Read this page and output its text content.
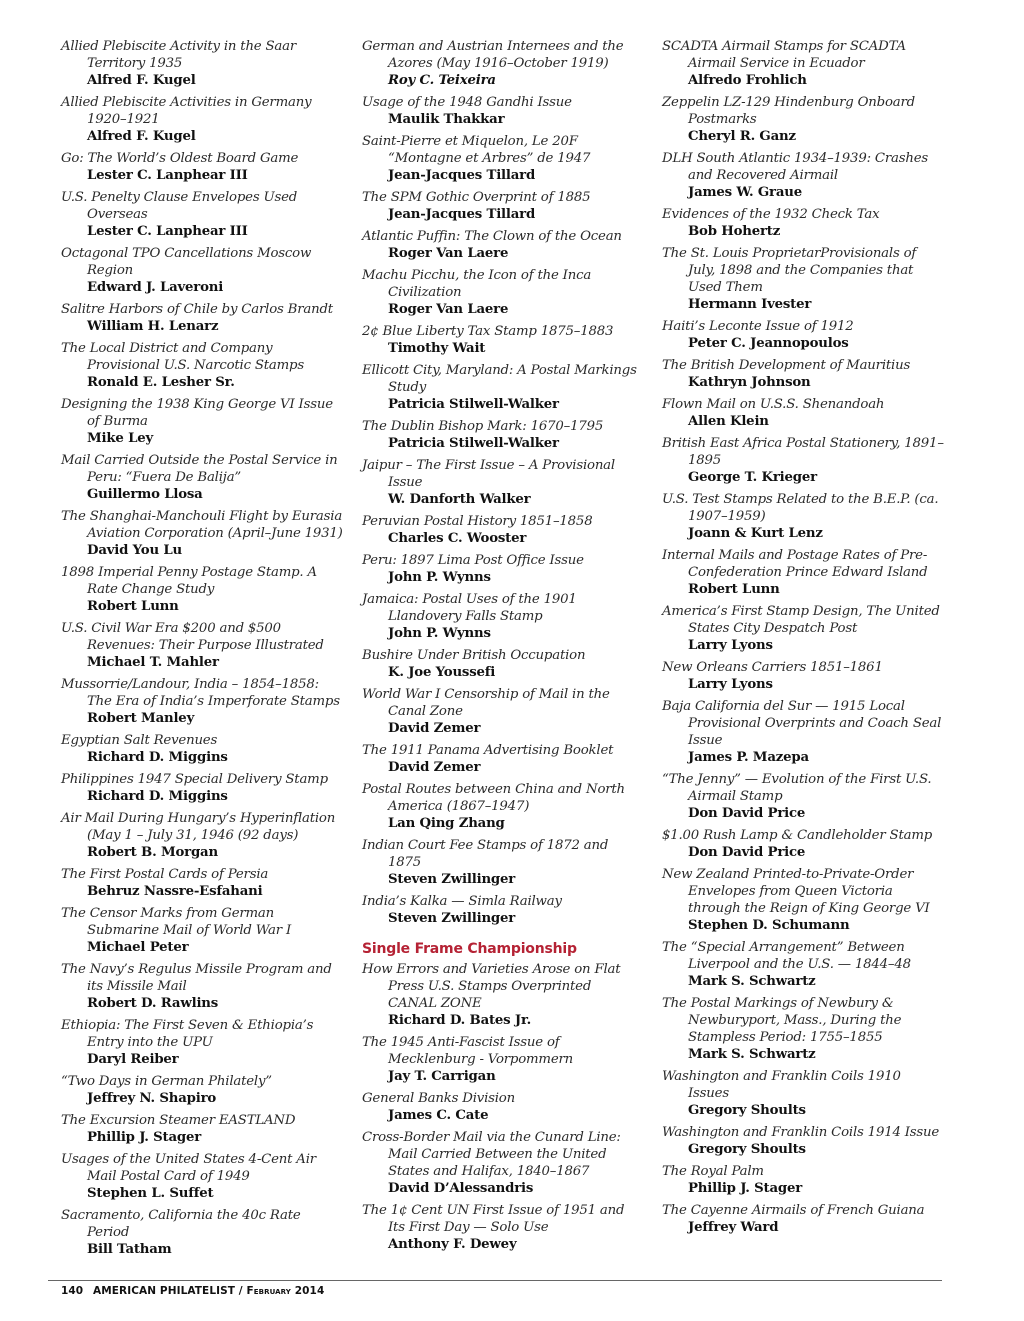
Allied Plebiscite Activity in the Saar Territory 1935
Alfred F. Kugel
Allied Plebiscite Activities in Germany 1920–1921
Alfred F. Kugel
Go: The World’s Oldest Board Game
Lester C. Lanphear III
U.S. Penelty Clause Envelopes Used Overseas
Lester C. Lanphear III
Octagonal TPO Cancellations Moscow Region
Edward J. Laveroni
Salitre Harbors of Chile by Carlos Brandt
William H. Lenarz
The Local District and Company Provisional U.S. Narcotic Stamps
Ronald E. Lesher Sr.
Designing the 1938 King George VI Issue of Burma
Mike Ley
Mail Carried Outside the Postal Service in Peru: “Fuera De Balija”
Guillermo Llosa
The Shanghai-Manchouli Flight by Eurasia Aviation Corporation (April–June 1931)
David You Lu
1898 Imperial Penny Postage Stamp. A Rate Change Study
Robert Lunn
U.S. Civil War Era $200 and $500 Revenues: Their Purpose Illustrated
Michael T. Mahler
Mussorrie/Landour, India – 1854–1858: The Era of India’s Imperforate Stamps
Robert Manley
Egyptian Salt Revenues
Richard D. Miggins
Philippines 1947 Special Delivery Stamp
Richard D. Miggins
Air Mail During Hungary’s Hyperinflation (May 1 – July 31, 1946 (92 days)
Robert B. Morgan
The First Postal Cards of Persia
Behruz Nassre-Esfahani
The Censor Marks from German Submarine Mail of World War I
Michael Peter
The Navy’s Regulus Missile Program and its Missile Mail
Robert D. Rawlins
Ethiopia: The First Seven & Ethiopia’s Entry into the UPU
Daryl Reiber
“Two Days in German Philately”
Jeffrey N. Shapiro
The Excursion Steamer EASTLAND
Phillip J. Stager
Usages of the United States 4-Cent Air Mail Postal Card of 1949
Stephen L. Suffet
Sacramento, California the 40c Rate Period
Bill Tatham
German and Austrian Internees and the Azores (May 1916–October 1919)
Roy C. Teixeira
Usage of the 1948 Gandhi Issue
Maulik Thakkar
Saint-Pierre et Miquelon, Le 20F “Montagne et Arbres” de 1947
Jean-Jacques Tillard
The SPM Gothic Overprint of 1885
Jean-Jacques Tillard
Atlantic Puffin: The Clown of the Ocean
Roger Van Laere
Machu Picchu, the Icon of the Inca Civilization
Roger Van Laere
2¢ Blue Liberty Tax Stamp 1875–1883
Timothy Wait
Ellicott City, Maryland: A Postal Markings Study
Patricia Stilwell-Walker
The Dublin Bishop Mark: 1670–1795
Patricia Stilwell-Walker
Jaipur – The First Issue – A Provisional Issue
W. Danforth Walker
Peruvian Postal History 1851–1858
Charles C. Wooster
Peru: 1897 Lima Post Office Issue
John P. Wynns
Jamaica: Postal Uses of the 1901 Llandovery Falls Stamp
John P. Wynns
Bushire Under British Occupation
K. Joe Youssefi
World War I Censorship of Mail in the Canal Zone
David Zemer
The 1911 Panama Advertising Booklet
David Zemer
Postal Routes between China and North America (1867–1947)
Lan Qing Zhang
Indian Court Fee Stamps of 1872 and 1875
Steven Zwillinger
India’s Kalka — Simla Railway
Steven Zwillinger
Single Frame Championship
How Errors and Varieties Arose on Flat Press U.S. Stamps Overprinted CANAL ZONE
Richard D. Bates Jr.
The 1945 Anti-Fascist Issue of Mecklenburg - Vorpommern
Jay T. Carrigan
General Banks Division
James C. Cate
Cross-Border Mail via the Cunard Line: Mail Carried Between the United States and Halifax, 1840–1867
David D’Alessandris
The 1¢ Cent UN First Issue of 1951 and Its First Day — Solo Use
Anthony F. Dewey
SCADTA Airmail Stamps for SCADTA Airmail Service in Ecuador
Alfredo Frohlich
Zeppelin LZ-129 Hindenburg Onboard Postmarks
Cheryl R. Ganz
DLH South Atlantic 1934–1939: Crashes and Recovered Airmail
James W. Graue
Evidences of the 1932 Check Tax
Bob Hohertz
The St. Louis ProprietarProvisionals of July, 1898 and the Companies that Used Them
Hermann Ivester
Haiti’s Leconte Issue of 1912
Peter C. Jeannopoulos
The British Development of Mauritius
Kathryn Johnson
Flown Mail on U.S.S. Shenandoah
Allen Klein
British East Africa Postal Stationery, 1891–1895
George T. Krieger
U.S. Test Stamps Related to the B.E.P. (ca. 1907–1959)
Joann & Kurt Lenz
Internal Mails and Postage Rates of Pre-Confederation Prince Edward Island
Robert Lunn
America’s First Stamp Design, The United States City Despatch Post
Larry Lyons
New Orleans Carriers 1851–1861
Larry Lyons
Baja California del Sur — 1915 Local Provisional Overprints and Coach Seal Issue
James P. Mazepa
“The Jenny” — Evolution of the First U.S. Airmail Stamp
Don David Price
$1.00 Rush Lamp & Candleholder Stamp
Don David Price
New Zealand Printed-to-Private-Order Envelopes from Queen Victoria through the Reign of King George VI
Stephen D. Schumann
The “Special Arrangement” Between Liverpool and the U.S. — 1844–48
Mark S. Schwartz
The Postal Markings of Newbury & Newburyport, Mass., During the Stampless Period: 1755–1855
Mark S. Schwartz
Washington and Franklin Coils 1910 Issues
Gregory Shoults
Washington and Franklin Coils 1914 Issue
Gregory Shoults
The Royal Palm
Phillip J. Stager
The Cayenne Airmails of French Guiana
Jeffrey Ward
140 AMERICAN PHILATELIST / February 2014
